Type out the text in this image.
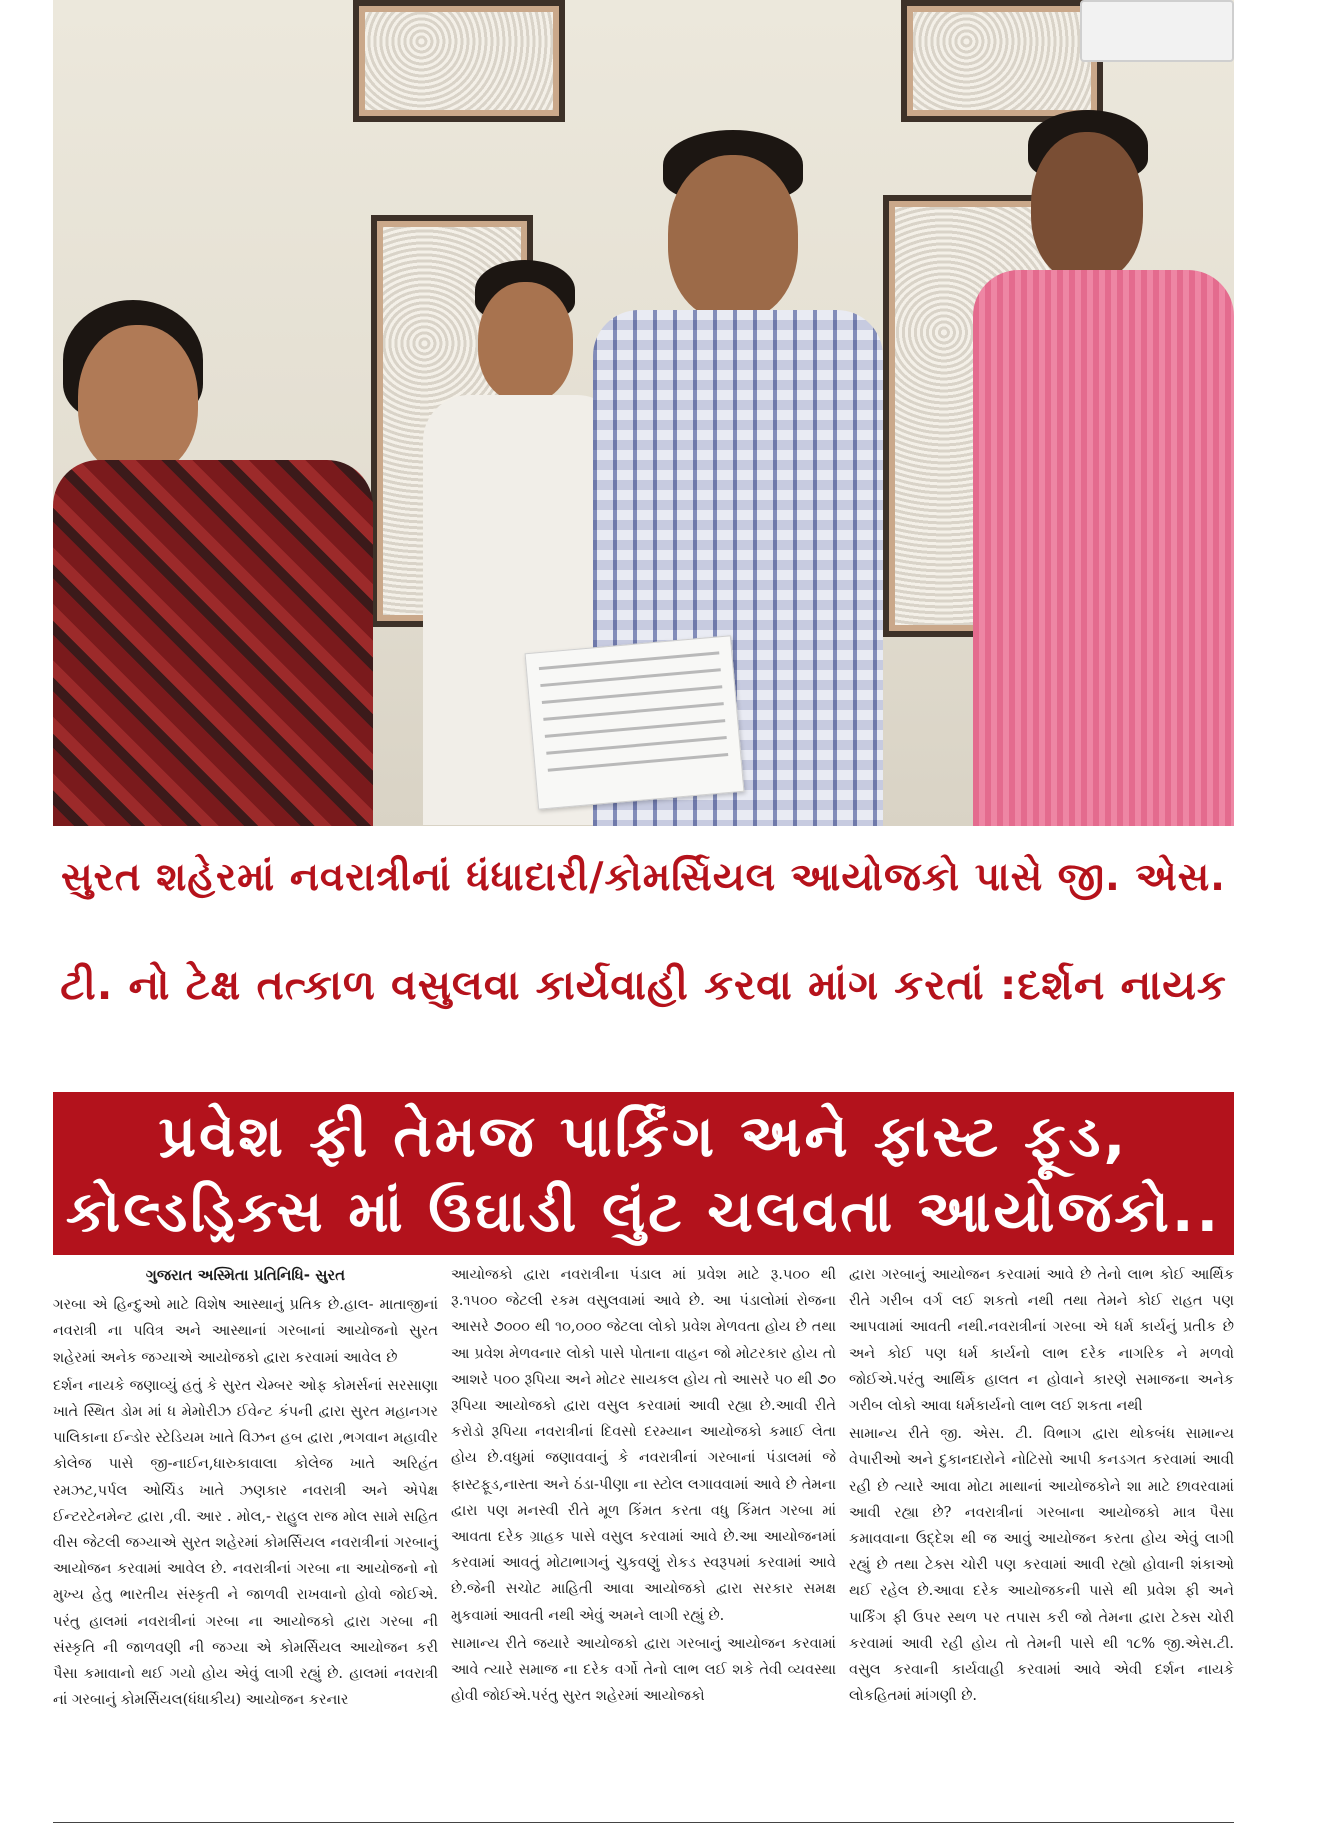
સુરત શહેરમાં નવરાત્રીનાં ધંધાદારી/કોમર્સિયલ આયોજકો પાસે જી. એસ.
ટી. નો ટેક્ષ તત્કાળ વસુલવા કાર્યવાહી કરવા માંગ કરતાં :દર્શન નાયક
પ્રવેશ ફી તેમજ પાર્કિંગ અને ફાસ્ટ ફૂડ,
કોલ્ડડ્રિક્સ માં ઉઘાડી લુંટ ચલવતા આયોજકો..
ગુજરાત અસ્મિતા પ્રતિનિધિ- સુરત

ગરબા એ હિન્દુઓ માટે વિશેષ આસ્થાનું પ્રતિક છે.હાલ- માતાજીનાં નવરાત્રી ના પવિત્ર અને આસ્થાનાં ગરબાનાં આયોજનો સુરત શહેરમાં અનેક જગ્યાએ આયોજકો દ્વારા કરવામાં આવેલ છે

દર્શન નાયકે જણાવ્યું હતું કે સુરત ચેમ્બર ઓફ કોમર્સનાં સરસાણા ખાતે સ્થિત ડોમ માં ધ મેમોરીઝ ઈવેન્ટ કંપની દ્વારા સુરત મહાનગર પાલિકાના ઈન્ડોર સ્ટેડિયમ ખાતે વિઝન હબ દ્વારા ,ભગવાન મહાવીર કોલેજ પાસે જી-નાઈન,ધારુકાવાલા કોલેજ ખાતે અરિહંત રમઝટ,પર્પલ ઓર્ચિડ ખાતે ઝણકાર નવરાત્રી અને એપેક્ષ ઈન્ટરટેનમેન્ટ દ્વારા ,વી. આર . મોલ,- રાહુલ રાજ મોલ સામે સહિત વીસ જેટલી જગ્યાએ સુરત શહેરમાં કોમર્સિયલ નવરાત્રીનાં ગરબાનું આયોજન કરવામાં આવેલ છે. નવરાત્રીનાં ગરબા ના આયોજનો નો મુખ્ય હેતુ ભારતીય સંસ્કૃતી ને જાળવી રાખવાનો હોવો જોઈએ. પરંતુ હાલમાં નવરાત્રીનાં ગરબા ના આયોજકો દ્વારા ગરબા ની સંસ્કૃતિ ની જાળવણી ની જગ્યા એ કોમર્સિયલ આયોજન કરી પૈસા કમાવાનો થઈ ગયો હોય એવું લાગી રહ્યું છે. હાલમાં નવરાત્રી નાં ગરબાનું કોમર્સિયલ(ધંધાકીય) આયોજન કરનાર

આયોજકો દ્વારા નવરાત્રીના પંડાલ માં પ્રવેશ માટે રૂ.૫૦૦ થી રૂ.૧૫૦૦ જેટલી રકમ વસુલવામાં આવે છે. આ પંડાલોમાં રોજના આસરે ૭૦૦૦ થી ૧૦,૦૦૦ જેટલા લોકો પ્રવેશ મેળવતા હોય છે તથા આ પ્રવેશ મેળવનાર લોકો પાસે પોતાના વાહન જો મોટરકાર હોય તો આશરે ૫૦૦ રૂપિયા અને મોટર સાયકલ હોય તો આસરે ૫૦ થી ૭૦ રૂપિયા આયોજકો દ્વારા વસુલ કરવામાં આવી રહ્યા છે.આવી રીતે કરોડો રૂપિયા નવરાત્રીનાં દિવસો દરમ્યાન આયોજકો કમાઈ લેતા હોય છે.વધુમાં જણાવવાનું કે નવરાત્રીનાં ગરબાનાં પંડાલમાં જે ફાસ્ટફૂડ,નાસ્તા અને ઠંડા-પીણા ના સ્ટોલ લગાવવામાં આવે છે તેમના દ્વારા પણ મનસ્વી રીતે મૂળ કિંમત કરતા વધુ કિંમત ગરબા માં આવતા દરેક ગ્રાહક પાસે વસુલ કરવામાં આવે છે.આ આયોજનમાં કરવામાં આવતું મોટાભાગનું ચુકવણું રોકડ સ્વરૂપમાં કરવામાં આવે છે.જેની સચોટ માહિતી આવા આયોજકો દ્વારા સરકાર સમક્ષ મુકવામાં આવતી નથી એવું અમને લાગી રહ્યું છે.

સામાન્ય રીતે જયારે આયોજકો દ્વારા ગરબાનું આયોજન કરવામાં આવે ત્યારે સમાજ ના દરેક વર્ગો તેનો લાભ લઈ શકે તેવી વ્યવસ્થા હોવી જોઈએ.પરંતુ સુરત શહેરમાં આયોજકો

દ્વારા ગરબાનું આયોજન કરવામાં આવે છે તેનો લાભ કોઈ આર્થિક રીતે ગરીબ વર્ગ લઈ શકતો નથી તથા તેમને કોઈ રાહત પણ આપવામાં આવતી નથી.નવરાત્રીનાં ગરબા એ ધર્મ કાર્યનું પ્રતીક છે અને કોઈ પણ ધર્મ કાર્યનો લાભ દરેક નાગરિક ને મળવો જોઈએ.પરંતુ આર્થિક હાલત ન હોવાને કારણે સમાજના અનેક ગરીબ લોકો આવા ધર્મકાર્યનો લાભ લઈ શકતા નથી

સામાન્ય રીતે જી. એસ. ટી. વિભાગ દ્વારા થોકબંધ સામાન્ય વેપારીઓ અને દુકાનદારોને નોટિસો આપી કનડગત કરવામાં આવી રહી છે ત્યારે આવા મોટા માથાનાં આયોજકોને શા માટે છાવરવામાં આવી રહ્યા છે? નવરાત્રીનાં ગરબાના આયોજકો માત્ર પૈસા કમાવવાના ઉદ્દેશ થી જ આવું આયોજન કરતા હોય એવું લાગી રહ્યું છે તથા ટેક્સ ચોરી પણ કરવામાં આવી રહ્યો હોવાની શંકાઓ થઈ રહેલ છે.આવા દરેક આયોજકની પાસે થી પ્રવેશ ફી અને પાર્કિંગ ફી ઉપર સ્થળ પર તપાસ કરી જો તેમના દ્વારા ટેક્સ ચોરી કરવામાં આવી રહી હોય તો તેમની પાસે થી ૧૮% જી.એસ.ટી. વસુલ કરવાની કાર્યવાહી કરવામાં આવે એવી દર્શન નાયકે લોકહિતમાં માંગણી છે.
